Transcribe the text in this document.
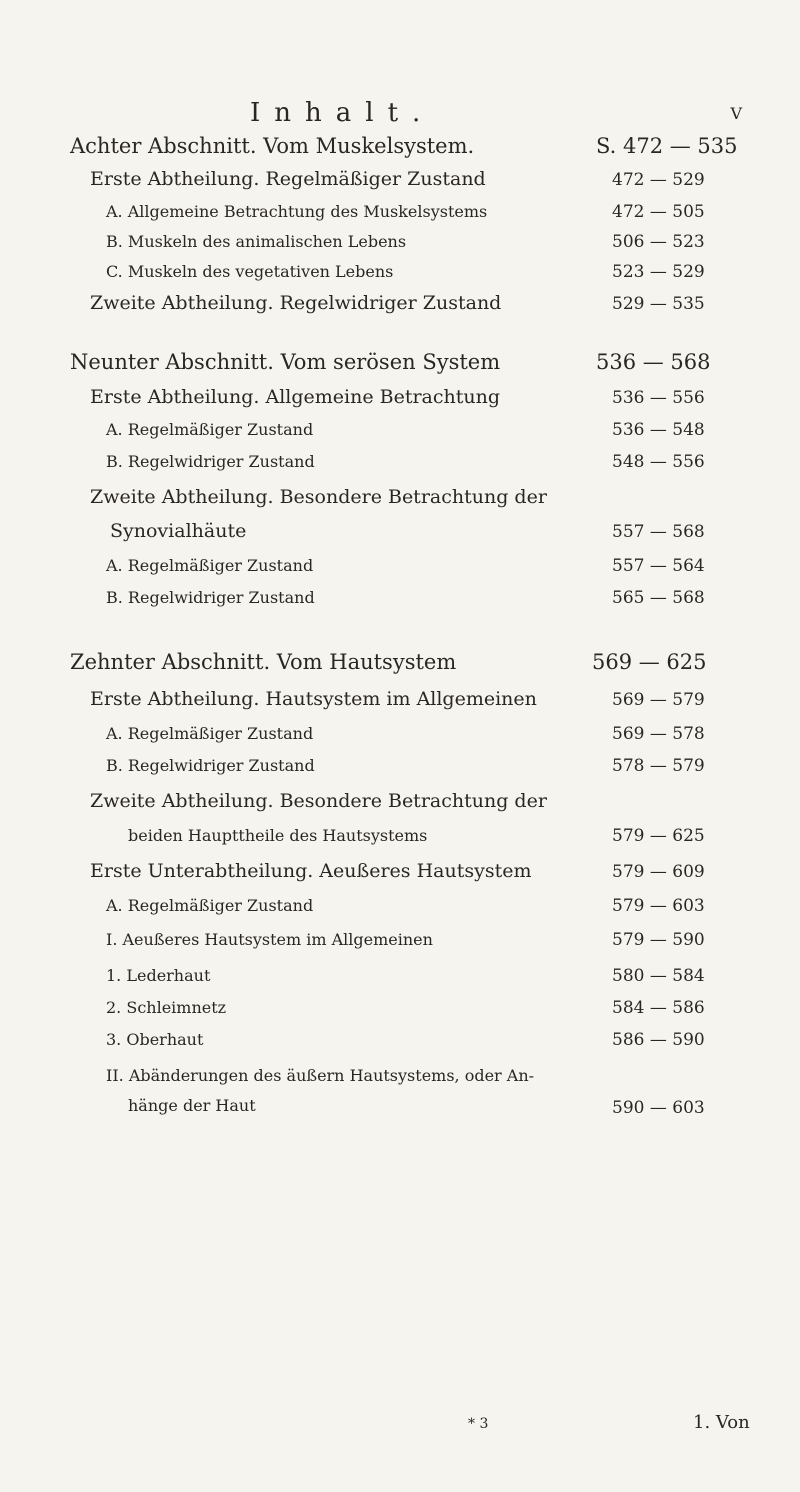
Inhalt.	V
Achter Abschnitt. Vom Muskelsystem.	S. 472 — 535
Erste Abtheilung. Regelmäßiger Zustand	472 — 529
A. Allgemeine Betrachtung des Muskelsystems	472 — 505
B. Muskeln des animalischen Lebens	506 — 523
C. Muskeln des vegetativen Lebens	523 — 529
Zweite Abtheilung. Regelwidriger Zustand	529 — 535
Neunter Abschnitt. Vom serösen System	536 — 568
Erste Abtheilung. Allgemeine Betrachtung	536 — 556
A. Regelmäßiger Zustand	536 — 548
B. Regelwidriger Zustand	548 — 556
Zweite Abtheilung. Besondere Betrachtung der
Synovialhäute	557 — 568
A. Regelmäßiger Zustand	557 — 564
B. Regelwidriger Zustand	565 — 568
Zehnter Abschnitt. Vom Hautsystem	569 — 625
Erste Abtheilung. Hautsystem im Allgemeinen	569 — 579
A. Regelmäßiger Zustand	569 — 578
B. Regelwidriger Zustand	578 — 579
Zweite Abtheilung. Besondere Betrachtung der
beiden Haupttheile des Hautsystems	579 — 625
Erste Unterabtheilung. Aeußeres Hautsystem	579 — 609
A. Regelmäßiger Zustand	579 — 603
I. Aeußeres Hautsystem im Allgemeinen	579 — 590
1. Lederhaut	580 — 584
2. Schleimnetz	584 — 586
3. Oberhaut	586 — 590
II. Abänderungen des äußern Hautsystems, oder An-
hänge der Haut	590 — 603
* 3	1. Von
